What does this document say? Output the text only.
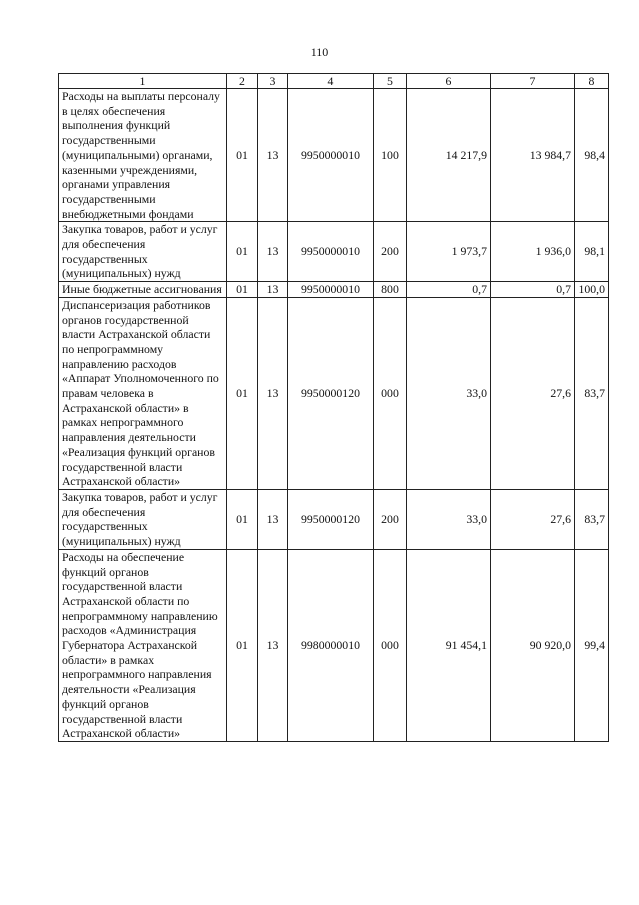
110
1	2	3	4	5	6	7	8
Расходы на выплаты персоналу в целях обеспечения выполнения функций государственными (муниципальными) органами, казенными учреждениями, органами управления государственными внебюджетными фондами	01	13	9950000010	100	14 217,9	13 984,7	98,4
Закупка товаров, работ и услуг для обеспечения государственных (муниципальных) нужд	01	13	9950000010	200	1 973,7	1 936,0	98,1
Иные бюджетные ассигнования	01	13	9950000010	800	0,7	0,7	100,0
Диспансеризация работников органов государственной власти Астраханской области по непрограммному направлению расходов «Аппарат Уполномоченного по правам человека в Астраханской области» в рамках непрограммного направления деятельности «Реализация функций органов государственной власти Астраханской области»	01	13	9950000120	000	33,0	27,6	83,7
Закупка товаров, работ и услуг для обеспечения государственных (муниципальных) нужд	01	13	9950000120	200	33,0	27,6	83,7
Расходы на обеспечение функций органов государственной власти Астраханской области по непрограммному направлению расходов «Администрация Губернатора Астраханской области» в рамках непрограммного направления деятельности «Реализация функций органов государственной власти Астраханской области»	01	13	9980000010	000	91 454,1	90 920,0	99,4
